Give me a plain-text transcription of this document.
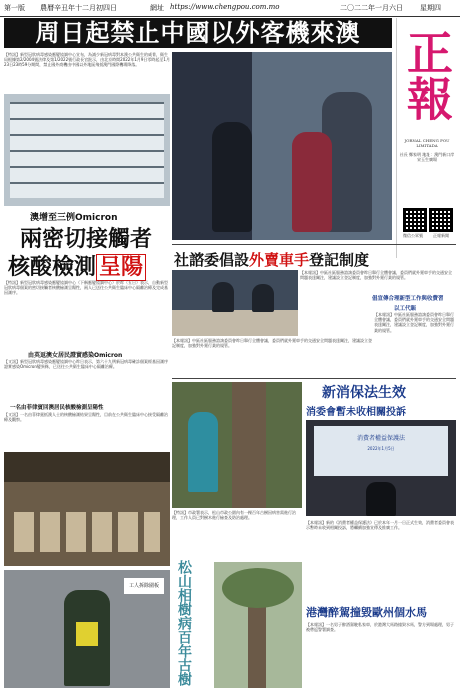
第一版 農曆辛丑年十二月初四日	網址 https://www.chengpou.com.mo	二〇二二年一月六日 星期四
周日起禁止中國以外客機來澳
【特訊】新型冠狀病毒感染應變協調中心宣布，為減少新冠病毒對本澳公共衛生的威脅，衛生局根據第2/2004號法律及第1/2022號行政長官批示，由北京時間2022年1月9日零時起至1月23日23時59分期間，禁止國外商機由中國以外地區飛抵澳門國際機場降落。
澳增至三例Omicron
兩密切接觸者
核酸檢測 呈陽
【特訊】新型冠狀病毒感染應變協調中心（下稱應變協調中心）於昨（五日）表示，自動新型冠狀病毒個案的密切接觸者核酸檢測呈陽性，兩人已送往公共衛生臨床中心隔離治療及完成基因測序。
由英返澳女居民證實感染Omicron
【又訊】新型冠狀病毒感染應變協調中心昨日表示，第六十九例新冠病毒確診個案經基因測序證實感染Omicron變異株，已送往公共衛生臨床中心隔離治療。
一名由菲律賓回澳居民核酸檢測呈陽性
【又訊】一名由菲律賓抵澳人士的核酸檢測結果呈陽性，目前在公共衛生臨床中心接受隔離治療及觀察。
工人拆除圍板
正報
JORNAL CHENG POU LIMITADA
社長 鄭家明 地址：澳門新口岸宋玉生廣場
微信公眾號	正報新聞
社諮委倡設外賣車手登記制度
【本報訊】中區社區服務諮詢委員會昨日舉行全體會議，委員們就外賣車手的交通安全問題表達關注，建議設立登記制度，加強對外賣行業的規管。
【本報訊】中區社區服務諮詢委員會昨日舉行全體會議，委員們就外賣車手的交通安全問題表達關注，建議設立登記制度，加強對外賣行業的規管。
倡宣傳合理新型工作與收費習
以工代賑
【本報訊】中區社區服務諮詢委員會昨日舉行全體會議，委員們就外賣車手的交通安全問題表達關注，建議設立登記制度，加強對外賣行業的規管。
新消保法生效
消委會暫未收相關投訴
消費者權益保護法
2022年1月5日
【特訊】市政署表示，松山市政公園內有一棵百年古樹因病害需進行治理，工作人員已對樹木進行檢查及防治處理。
松山相樹病百年古樹
【本報訊】新的《消費者權益保護法》已於本年一月一日正式生效，消費者委員會表示暫時未收到相關投訴，將繼續加強宣傳及推廣工作。
港灣醉駕撞毀歐州個水馬
【本報訊】一名男子醉酒駕駛私家車，於港灣大馬路撞毀水馬，警方到場處理，男子被帶返警署調查。
